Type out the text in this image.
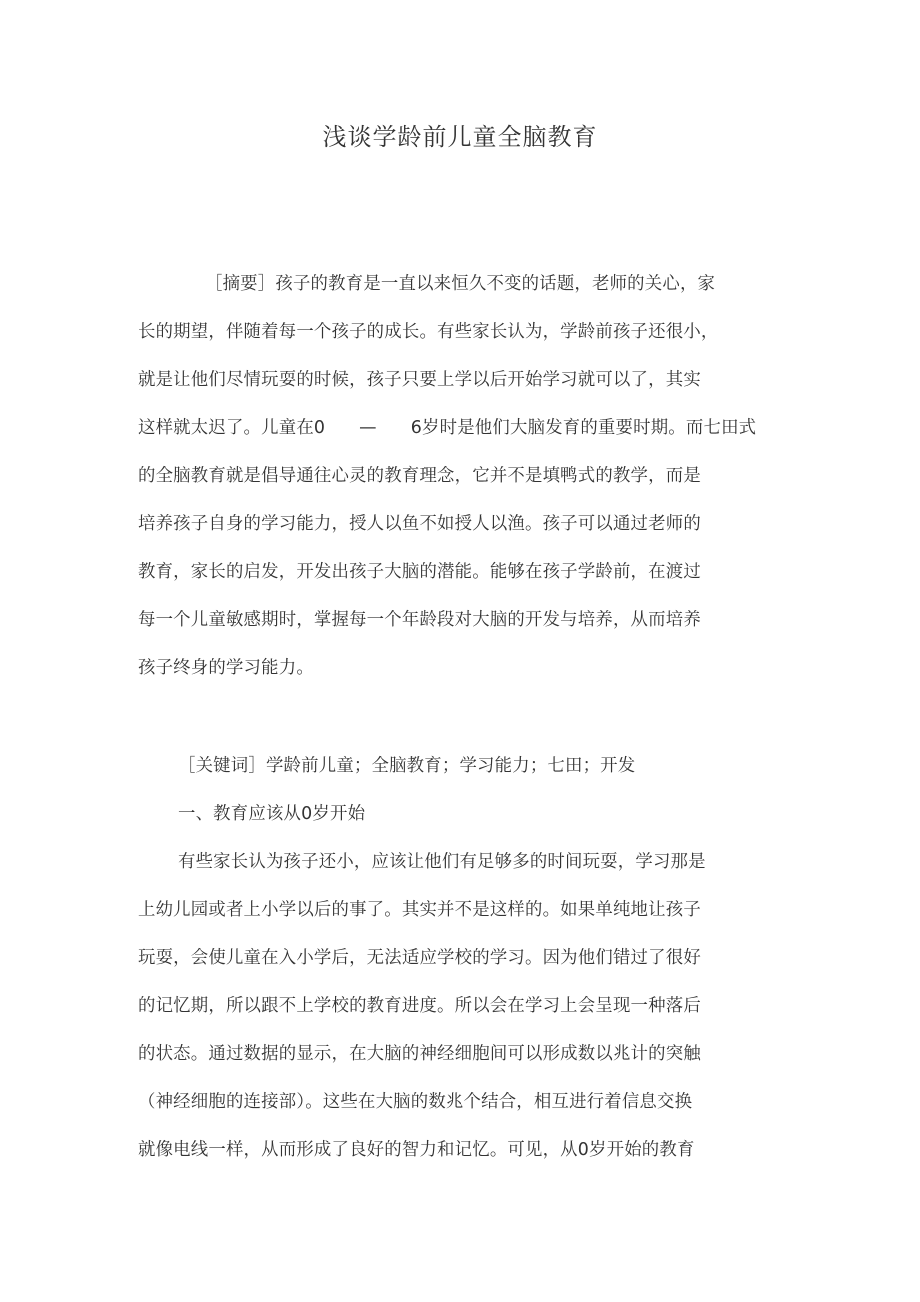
浅谈学龄前儿童全脑教育
［摘要］孩子的教育是一直以来恒久不变的话题，老师的关心，家
长的期望，伴随着每一个孩子的成长。有些家长认为，学龄前孩子还很小，
就是让他们尽情玩耍的时候，孩子只要上学以后开始学习就可以了，其实
这样就太迟了。儿童在0 — 6岁时是他们大脑发育的重要时期。而七田式
的全脑教育就是倡导通往心灵的教育理念，它并不是填鸭式的教学，而是
培养孩子自身的学习能力，授人以鱼不如授人以渔。孩子可以通过老师的
教育，家长的启发，开发出孩子大脑的潜能。能够在孩子学龄前，在渡过
每一个儿童敏感期时，掌握每一个年龄段对大脑的开发与培养，从而培养
孩子终身的学习能力。
［关键词］学龄前儿童；全脑教育；学习能力；七田；开发
一、教育应该从0岁开始
有些家长认为孩子还小，应该让他们有足够多的时间玩耍，学习那是
上幼儿园或者上小学以后的事了。其实并不是这样的。如果单纯地让孩子
玩耍，会使儿童在入小学后，无法适应学校的学习。因为他们错过了很好
的记忆期，所以跟不上学校的教育进度。所以会在学习上会呈现一种落后
的状态。通过数据的显示，在大脑的神经细胞间可以形成数以兆计的突触
（神经细胞的连接部）。这些在大脑的数兆个结合，相互进行着信息交换
就像电线一样，从而形成了良好的智力和记忆。可见，从0岁开始的教育
